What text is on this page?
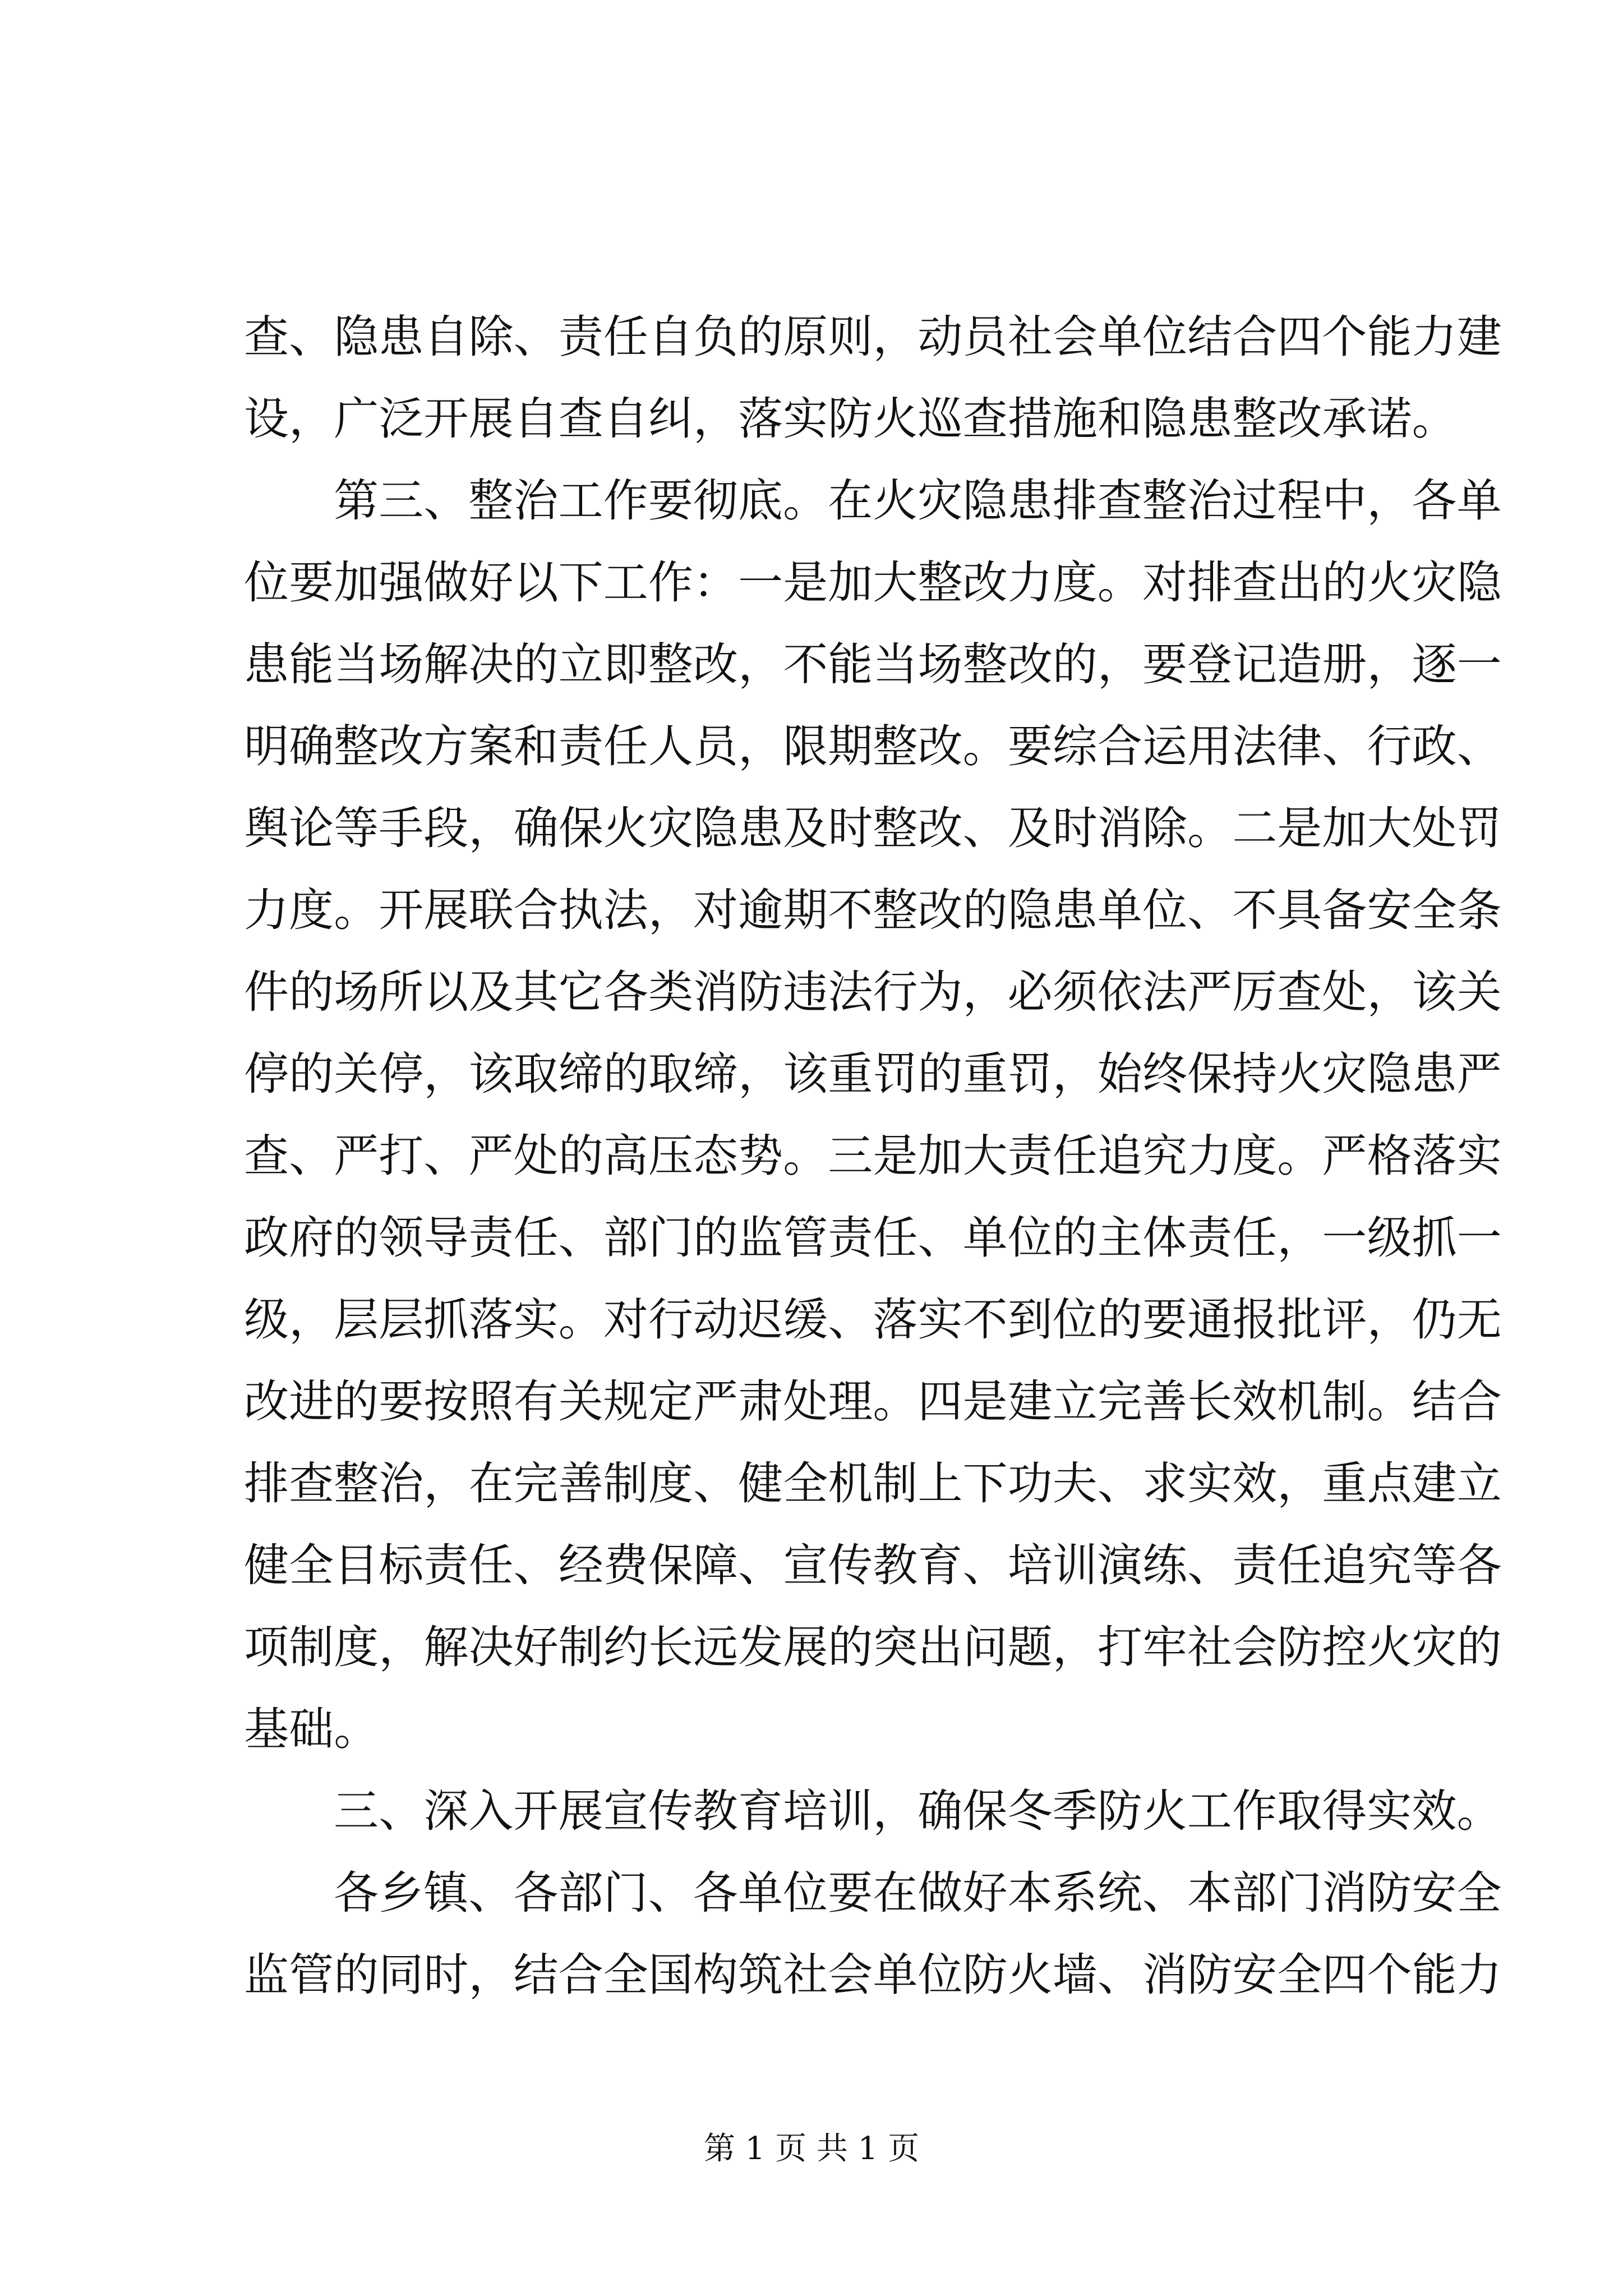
查、隐患自除、责任自负的原则，动员社会单位结合四个能力建
设，广泛开展自查自纠，落实防火巡查措施和隐患整改承诺。
第三、整治工作要彻底。在火灾隐患排查整治过程中，各单
位要加强做好以下工作：一是加大整改力度。对排查出的火灾隐
患能当场解决的立即整改，不能当场整改的，要登记造册，逐一
明确整改方案和责任人员，限期整改。要综合运用法律、行政、
舆论等手段，确保火灾隐患及时整改、及时消除。二是加大处罚
力度。开展联合执法，对逾期不整改的隐患单位、不具备安全条
件的场所以及其它各类消防违法行为，必须依法严厉查处，该关
停的关停，该取缔的取缔，该重罚的重罚，始终保持火灾隐患严
查、严打、严处的高压态势。三是加大责任追究力度。严格落实
政府的领导责任、部门的监管责任、单位的主体责任，一级抓一
级，层层抓落实。对行动迟缓、落实不到位的要通报批评，仍无
改进的要按照有关规定严肃处理。四是建立完善长效机制。结合
排查整治，在完善制度、健全机制上下功夫、求实效，重点建立
健全目标责任、经费保障、宣传教育、培训演练、责任追究等各
项制度，解决好制约长远发展的突出问题，打牢社会防控火灾的
基础。
三、深入开展宣传教育培训，确保冬季防火工作取得实效。
各乡镇、各部门、各单位要在做好本系统、本部门消防安全
监管的同时，结合全国构筑社会单位防火墙、消防安全四个能力
第 1 页 共 1 页
